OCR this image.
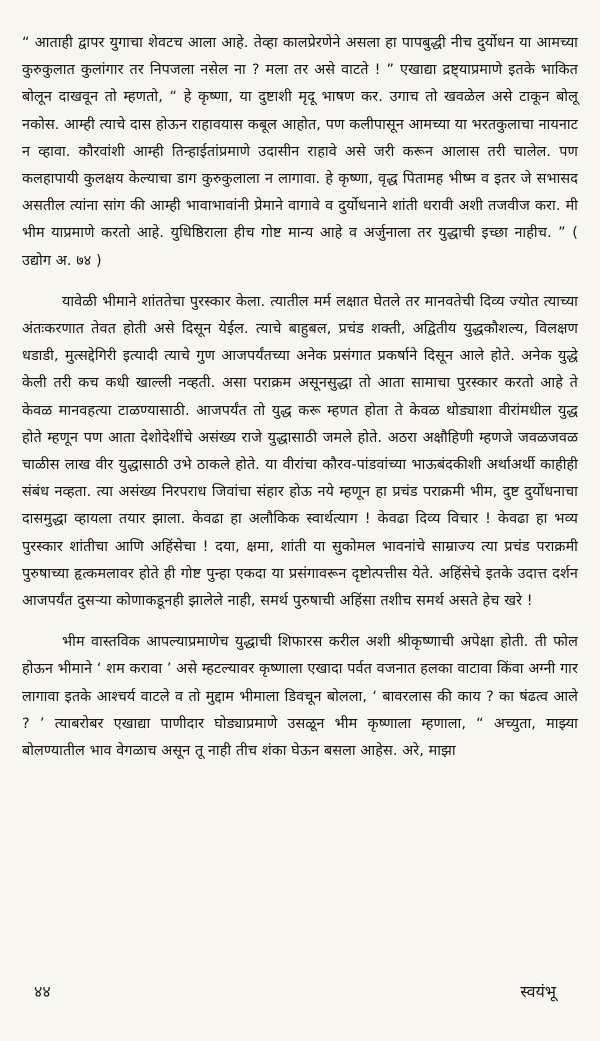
“ आताही द्वापर युगाचा शेवटच आला आहे. तेव्हा कालप्रेरणेने असला हा पापबुद्धी नीच दुर्योधन या आमच्या कुरुकुलात कुलांगार तर निपजला नसेल ना ? मला तर असे वाटते ! ” एखाद्या द्रष्ट्याप्रमाणे इतके भाकित बोलून दाखवून तो म्हणतो, “ हे कृष्णा, या दुष्टाशी मृदू भाषण कर. उगाच तो खवळेल असे टाकून बोलू नकोस. आम्ही त्याचे दास होऊन राहावयास कबूल आहोत, पण कलीपासून आमच्या या भरतकुलाचा नायनाट न व्हावा. कौरवांशी आम्ही तिन्हाईतांप्रमाणे उदासीन राहावे असे जरी करून आलास तरी चालेल. पण कलहापायी कुलक्षय केल्याचा डाग कुरुकुलाला न लागावा. हे कृष्णा, वृद्ध पितामह भीष्म व इतर जे सभासद असतील त्यांना सांग की आम्ही भावाभावांनी प्रेमाने वागावे व दुर्योधनाने शांती धरावी अशी तजवीज करा. मी भीम याप्रमाणे करतो आहे. युधिष्ठिराला हीच गोष्ट मान्य आहे व अर्जुनाला तर युद्धाची इच्छा नाहीच. ” ( उद्योग अ. ७४ )

यावेळी भीमाने शांततेचा पुरस्कार केला. त्यातील मर्म लक्षात घेतले तर मानवतेची दिव्य ज्योत त्याच्या अंतःकरणात तेवत होती असे दिसून येईल. त्याचे बाहुबल, प्रचंड शक्ती, अद्वितीय युद्धकौशल्य, विलक्षण धडाडी, मुत्सद्देगिरी इत्यादी त्याचे गुण आजपर्यंतच्या अनेक प्रसंगात प्रकर्षाने दिसून आले होते. अनेक युद्धे केली तरी कच कधी खाल्ली नव्हती. असा पराक्रम असूनसुद्धा तो आता सामाचा पुरस्कार करतो आहे ते केवळ मानवहत्या टाळण्यासाठी. आजपर्यंत तो युद्ध करू म्हणत होता ते केवळ थोड्याशा वीरांमधील युद्ध होते म्हणून पण आता देशोदेशींचे असंख्य राजे युद्धासाठी जमले होते. अठरा अक्षौहिणी म्हणजे जवळजवळ चाळीस लाख वीर युद्धासाठी उभे ठाकले होते. या वीरांचा कौरव-पांडवांच्या भाऊबंदकीशी अर्थाअर्थी काहीही संबंध नव्हता. त्या असंख्य निरपराध जिवांचा संहार होऊ नये म्हणून हा प्रचंड पराक्रमी भीम, दुष्ट दुर्योधनाचा दासमुद्धा व्हायला तयार झाला. केवढा हा अलौकिक स्वार्थत्याग ! केवढा दिव्य विचार ! केवढा हा भव्य पुरस्कार शांतीचा आणि अहिंसेचा ! दया, क्षमा, शांती या सुकोमल भावनांचे साम्राज्य त्या प्रचंड पराक्रमी पुरुषाच्या हृत्कमलावर होते ही गोष्ट पुन्हा एकदा या प्रसंगावरून दृष्टोत्पत्तीस येते. अहिंसेचे इतके उदात्त दर्शन आजपर्यंत दुसऱ्या कोणाकडूनही झालेले नाही, समर्थ पुरुषाची अहिंसा तशीच समर्थ असते हेच खरे !

भीम वास्तविक आपल्याप्रमाणेच युद्धाची शिफारस करील अशी श्रीकृष्णाची अपेक्षा होती. ती फोल होऊन भीमाने ‘ शम करावा ’ असे म्हटल्यावर कृष्णाला एखादा पर्वत वजनात हलका वाटावा किंवा अग्नी गार लागावा इतके आश्चर्य वाटले व तो मुद्दाम भीमाला डिवचून बोलला, ‘ बावरलास की काय ? का षंढत्व आले ? ’ त्याबरोबर एखाद्या पाणीदार घोड्याप्रमाणे उसळून भीम कृष्णाला म्हणाला, “ अच्युता, माझ्या बोलण्यातील भाव वेगळाच असून तू नाही तीच शंका घेऊन बसला आहेस. अरे, माझा

४४	स्वयंभू
